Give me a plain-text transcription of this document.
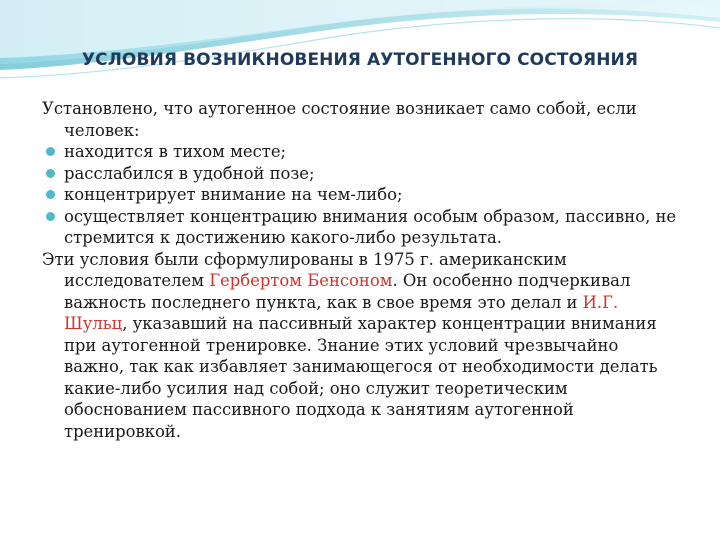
УСЛОВИЯ ВОЗНИКНОВЕНИЯ АУТОГЕННОГО СОСТОЯНИЯ

Установлено, что аутогенное состояние возникает само собой, если человек:

находится в тихом месте;
расслабился в удобной позе;
концентрирует внимание на чем-либо;
осуществляет концентрацию внимания особым образом, пассивно, не стремится к достижению какого-либо результата.

Эти условия были сформулированы в 1975 г. американским исследователем Гербертом Бенсоном. Он особенно подчеркивал важность последнего пункта, как в свое время это делал и И.Г. Шульц, указавший на пассивный характер концентрации внимания при аутогенной тренировке. Знание этих условий чрезвычайно важно, так как избавляет занимающегося от необходимости делать какие-либо усилия над собой; оно служит теоретическим обоснованием пассивного подхода к занятиям аутогенной тренировкой.
